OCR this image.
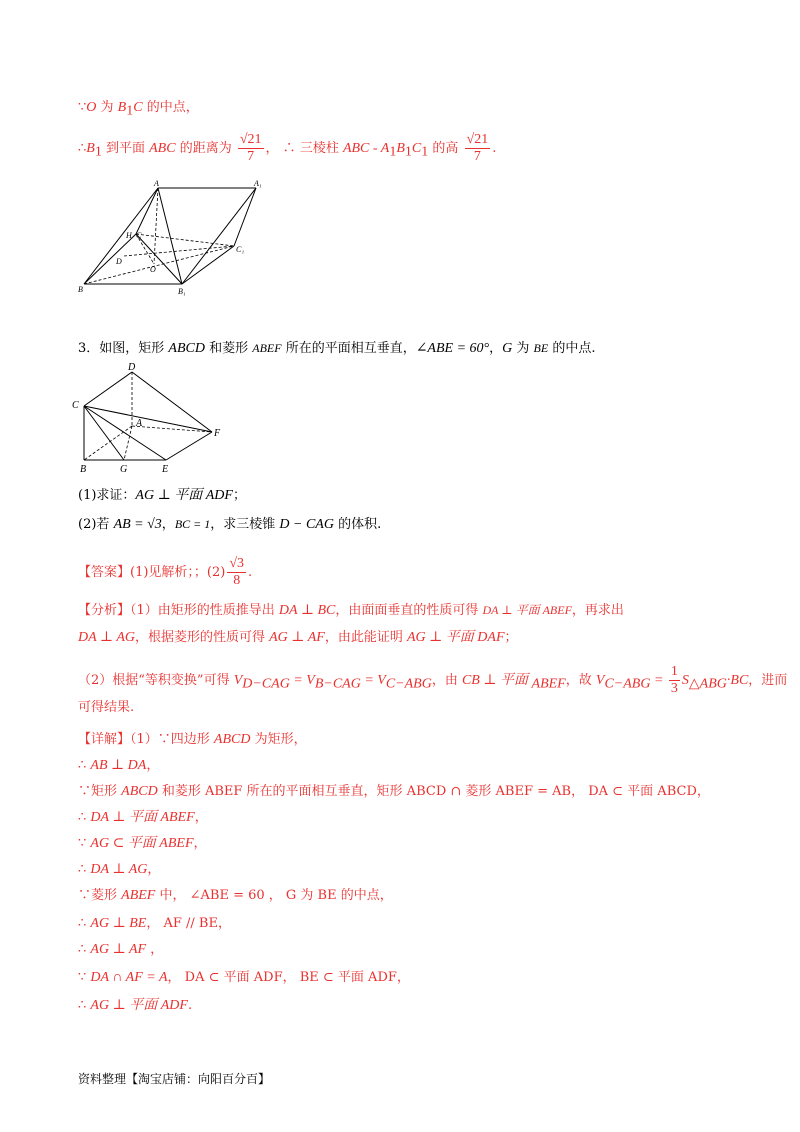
∵O 为 $B_1C$ 的中点，
$\therefore B_1$ 到平面 ABC 的距离为 $\frac{√21}{7}$ ， ∴ 三棱柱 ABC - $A_1B_1C_1$ 的高 $\frac{√21}{7}$ .
A	A₁
B	B₁
C
C₁
D
O
H
3．如图，矩形 ABCD 和菱形 ABEF 所在的平面相互垂直，∠ABE = 60°，G 为 BE 的中点.
D
C
A
F
B	G	E
(1)求证：AG ⊥ 平面 ADF；
(2)若 AB = √3，BC = 1，求三棱锥 D − CAG 的体积.
【答案】(1)见解析；；$(2) \frac{√3}{8}$ .
【分析】（1）由矩形的性质推导出 DA ⊥ BC，由面面垂直的性质可得 DA ⊥ 平面 ABEF，再求出
DA ⊥ AG，根据菱形的性质可得 AG ⊥ AF，由此能证明 AG ⊥ 平面 DAF；
（2）根据“等积变换”可得 $V_{D-CAG} = V_{B-CAG} = V_{C-ABG}$，由 CB ⊥ 平面 $_{ABEF}$，故 $V_{C-ABG} = \frac{1}{3} S_{\triangle ABG}\cdot BC$，进而
可得结果.
【详解】（1）∵四边形 ABCD 为矩形，
∴ AB ⊥ DA，
∵矩形 ABCD 和菱形 ABEF 所在的平面相互垂直，矩形 ABCD ∩ 菱形 ABEF = AB， DA ⊂ 平面 ABCD，
∴ DA ⊥ 平面 ABEF，
∵ AG ⊂ 平面 ABEF，
∴ DA ⊥ AG，
∵菱形 ABEF 中， ∠ABE = 60 ， G 为 BE 的中点，
∴ AG ⊥ BE， AF // BE，
∴ AG ⊥ AF ，
∵ DA ∩ AF = A， DA ⊂ 平面 ADF， BE ⊂ 平面 ADF，
∴ AG ⊥ 平面 ADF.
资料整理【淘宝店铺：向阳百分百】
